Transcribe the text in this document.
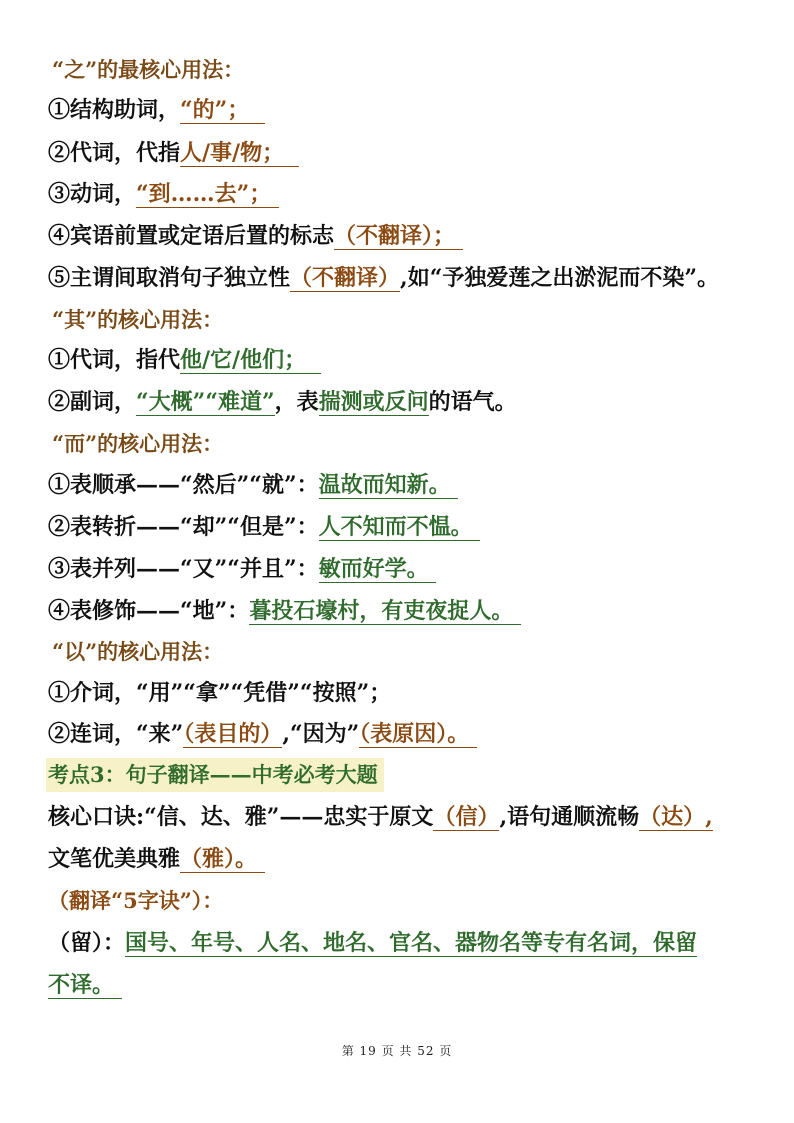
“之”的最核心用法：
①结构助词，“的”；
②代词，代指人/事/物；
③动词，“到……去”；
④宾语前置或定语后置的标志（不翻译）；
⑤主谓间取消句子独立性（不翻译）,如“予独爱莲之出淤泥而不染”。
“其”的核心用法：
①代词，指代他/它/他们；
②副词，“大概”“难道”，表揣测或反问的语气。
“而”的核心用法：
①表顺承——“然后”“就”：温故而知新。
②表转折——“却”“但是”：人不知而不愠。
③表并列——“又”“并且”：敏而好学。
④表修饰——“地”：暮投石壕村，有吏夜捉人。
“以”的核心用法：
①介词，“用”“拿”“凭借”“按照”；
②连词，“来”（表目的）,“因为”（表原因）。
考点3：句子翻译——中考必考大题
核心口诀:“信、达、雅”——忠实于原文（信）,语句通顺流畅（达）,
文笔优美典雅（雅）。
（翻译“5字诀”）：
（留）：国号、年号、人名、地名、官名、器物名等专有名词，保留
不译。
第 19 页 共 52 页
